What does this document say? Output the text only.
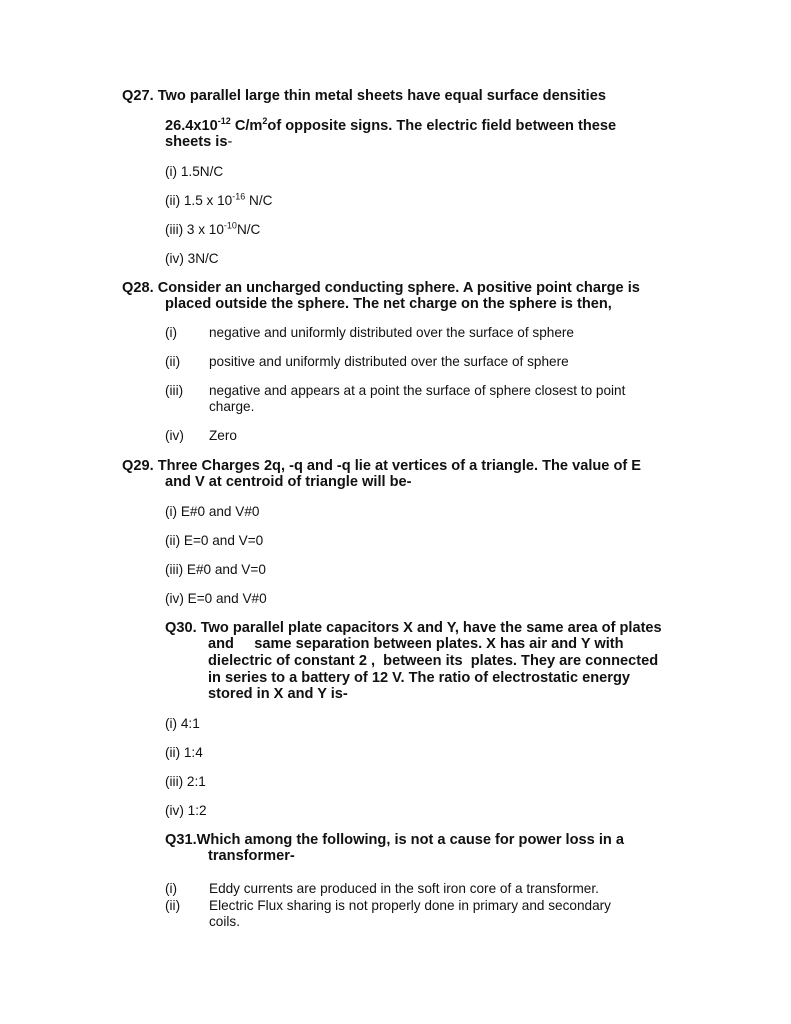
Q27. Two parallel large thin metal sheets have equal surface densities
$26.4x10^{-12}$ $C/m^2of$ opposite signs. The electric field between these
sheets is-
(i) 1.5N/C
(ii) 1.5 x $10^{-16}$ N/C
(iii) 3 x $10^{-10}N/C$
(iv) 3N/C
Q28. Consider an uncharged conducting sphere. A positive point charge is
placed outside the sphere. The net charge on the sphere is then,
(i) negative and uniformly distributed over the surface of sphere
(ii) positive and uniformly distributed over the surface of sphere
(iii) negative and appears at a point the surface of sphere closest to point
charge.
(iv) Zero
Q29. Three Charges 2q, -q and -q lie at vertices of a triangle. The value of E
and V at centroid of triangle will be-
(i) E#0 and V#0
(ii) E=0 and V=0
(iii) E#0 and V=0
(iv) E=0 and V#0
Q30. Two parallel plate capacitors X and Y, have the same area of plates
and     same separation between plates. X has air and Y with
dielectric of constant 2 ,  between its  plates. They are connected
in series to a battery of 12 V. The ratio of electrostatic energy
stored in X and Y is-
(i) 4:1
(ii) 1:4
(iii) 2:1
(iv) 1:2
Q31.Which among the following, is not a cause for power loss in a
transformer-
(i) Eddy currents are produced in the soft iron core of a transformer.
(ii) Electric Flux sharing is not properly done in primary and secondary
coils.
